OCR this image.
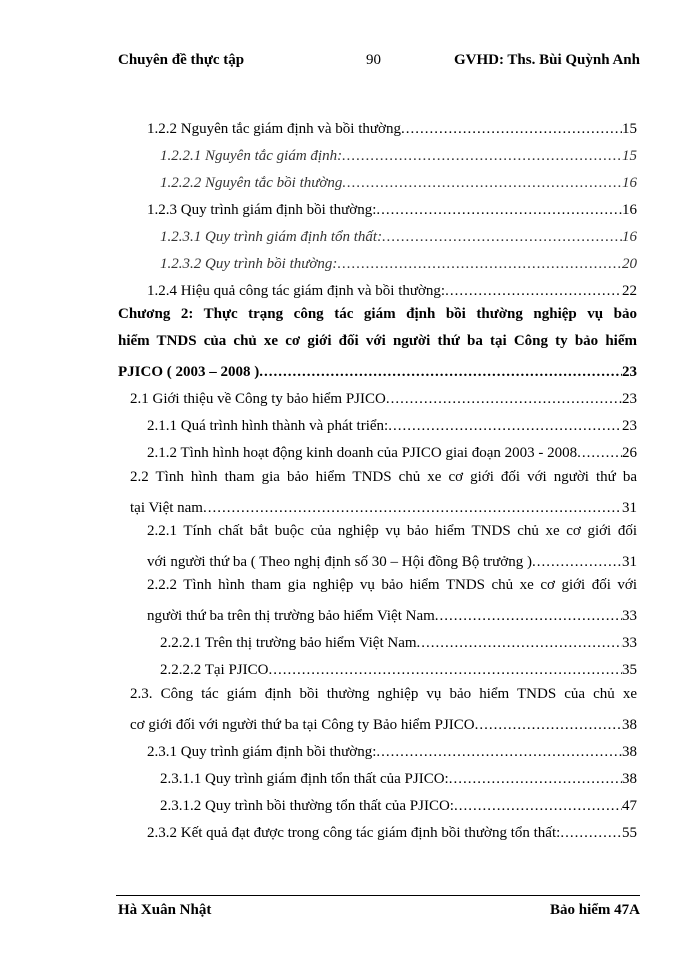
Chuyên đề thực tập	90	GVHD: Ths. Bùi Quỳnh Anh
1.2.2 Nguyên tắc giám định và bồi thường .....	15
1.2.2.1 Nguyên tắc giám định: .....	15
1.2.2.2 Nguyên tắc bồi thường .....	16
1.2.3 Quy trình giám định bồi thường: .....	16
1.2.3.1 Quy trình giám định tổn thất: .....	16
1.2.3.2 Quy trình bồi thường: .....	20
1.2.4 Hiệu quả công tác giám định và bồi thường: .....	22
Chương 2: Thực trạng công tác giám định bồi thường nghiệp vụ bảo
hiểm TNDS của chủ xe cơ giới đối với người thứ ba tại Công ty bảo hiểm
PJICO ( 2003 – 2008 ) .....	23
2.1 Giới thiệu về Công ty bảo hiểm PJICO .....	23
2.1.1 Quá trình hình thành và phát triển: .....	23
2.1.2 Tình hình hoạt động kinh doanh của PJICO giai đoạn 2003 - 2008 .....	26
2.2 Tình hình tham gia bảo hiểm TNDS chủ xe cơ giới đối với người thứ ba
tại Việt nam .....	31
2.2.1 Tính chất bắt buộc của nghiệp vụ bảo hiểm TNDS chủ xe cơ giới đối
với người thứ ba ( Theo nghị định số 30 – Hội đồng Bộ trưởng ) .....	31
2.2.2 Tình hình tham gia nghiệp vụ bảo hiểm TNDS chủ xe cơ giới đối với
người thứ ba trên thị trường bảo hiểm Việt Nam .....	33
2.2.2.1 Trên thị trường bảo hiểm Việt Nam .....	33
2.2.2.2 Tại PJICO .....	35
2.3. Công tác giám định bồi thường nghiệp vụ bảo hiểm TNDS của chủ xe
cơ giới đối với người thứ ba tại Công ty Bảo hiểm PJICO .....	38
2.3.1 Quy trình giám định bồi thường: .....	38
2.3.1.1 Quy trình giám định tổn thất của PJICO: .....	38
2.3.1.2 Quy trình bồi thường tổn thất của PJICO: .....	47
2.3.2 Kết quả đạt được trong công tác giám định bồi thường tổn thất: .....	55
Hà Xuân Nhật	Bảo hiểm 47A
